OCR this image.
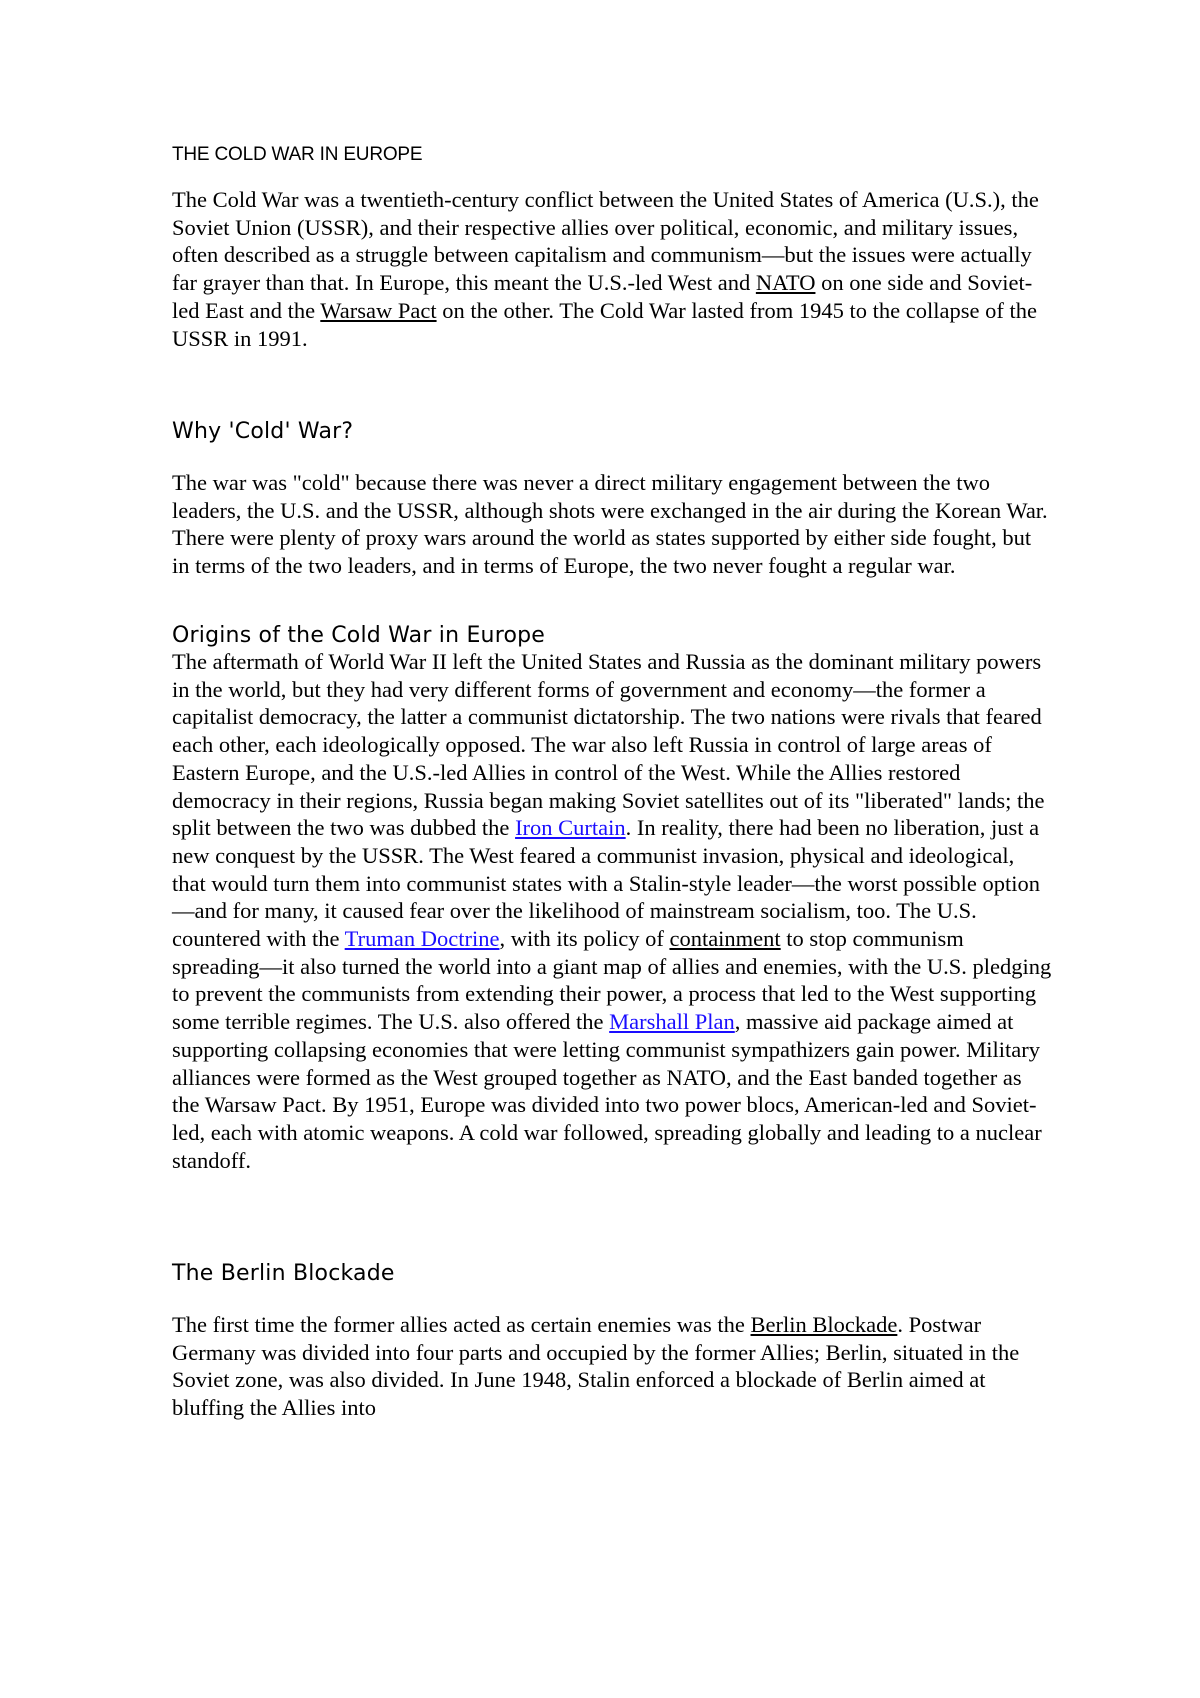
THE COLD WAR IN EUROPE

The Cold War was a twentieth-century conflict between the United States of America (U.S.), the Soviet Union (USSR), and their respective allies over political, economic, and military issues, often described as a struggle between capitalism and communism—but the issues were actually far grayer than that. In Europe, this meant the U.S.-led West and NATO on one side and Soviet-led East and the Warsaw Pact on the other. The Cold War lasted from 1945 to the collapse of the USSR in 1991.

Why 'Cold' War?

The war was "cold" because there was never a direct military engagement between the two leaders, the U.S. and the USSR, although shots were exchanged in the air during the Korean War. There were plenty of proxy wars around the world as states supported by either side fought, but in terms of the two leaders, and in terms of Europe, the two never fought a regular war.

Origins of the Cold War in Europe

The aftermath of World War II left the United States and Russia as the dominant military powers in the world, but they had very different forms of government and economy—the former a capitalist democracy, the latter a communist dictatorship. The two nations were rivals that feared each other, each ideologically opposed. The war also left Russia in control of large areas of Eastern Europe, and the U.S.-led Allies in control of the West. While the Allies restored democracy in their regions, Russia began making Soviet satellites out of its "liberated" lands; the split between the two was dubbed the Iron Curtain. In reality, there had been no liberation, just a new conquest by the USSR. The West feared a communist invasion, physical and ideological, that would turn them into communist states with a Stalin-style leader—the worst possible option—and for many, it caused fear over the likelihood of mainstream socialism, too. The U.S. countered with the Truman Doctrine, with its policy of containment to stop communism spreading—it also turned the world into a giant map of allies and enemies, with the U.S. pledging to prevent the communists from extending their power, a process that led to the West supporting some terrible regimes. The U.S. also offered the Marshall Plan, massive aid package aimed at supporting collapsing economies that were letting communist sympathizers gain power. Military alliances were formed as the West grouped together as NATO, and the East banded together as the Warsaw Pact. By 1951, Europe was divided into two power blocs, American-led and Soviet-led, each with atomic weapons. A cold war followed, spreading globally and leading to a nuclear standoff.

The Berlin Blockade

The first time the former allies acted as certain enemies was the Berlin Blockade. Postwar Germany was divided into four parts and occupied by the former Allies; Berlin, situated in the Soviet zone, was also divided. In June 1948, Stalin enforced a blockade of Berlin aimed at bluffing the Allies into
